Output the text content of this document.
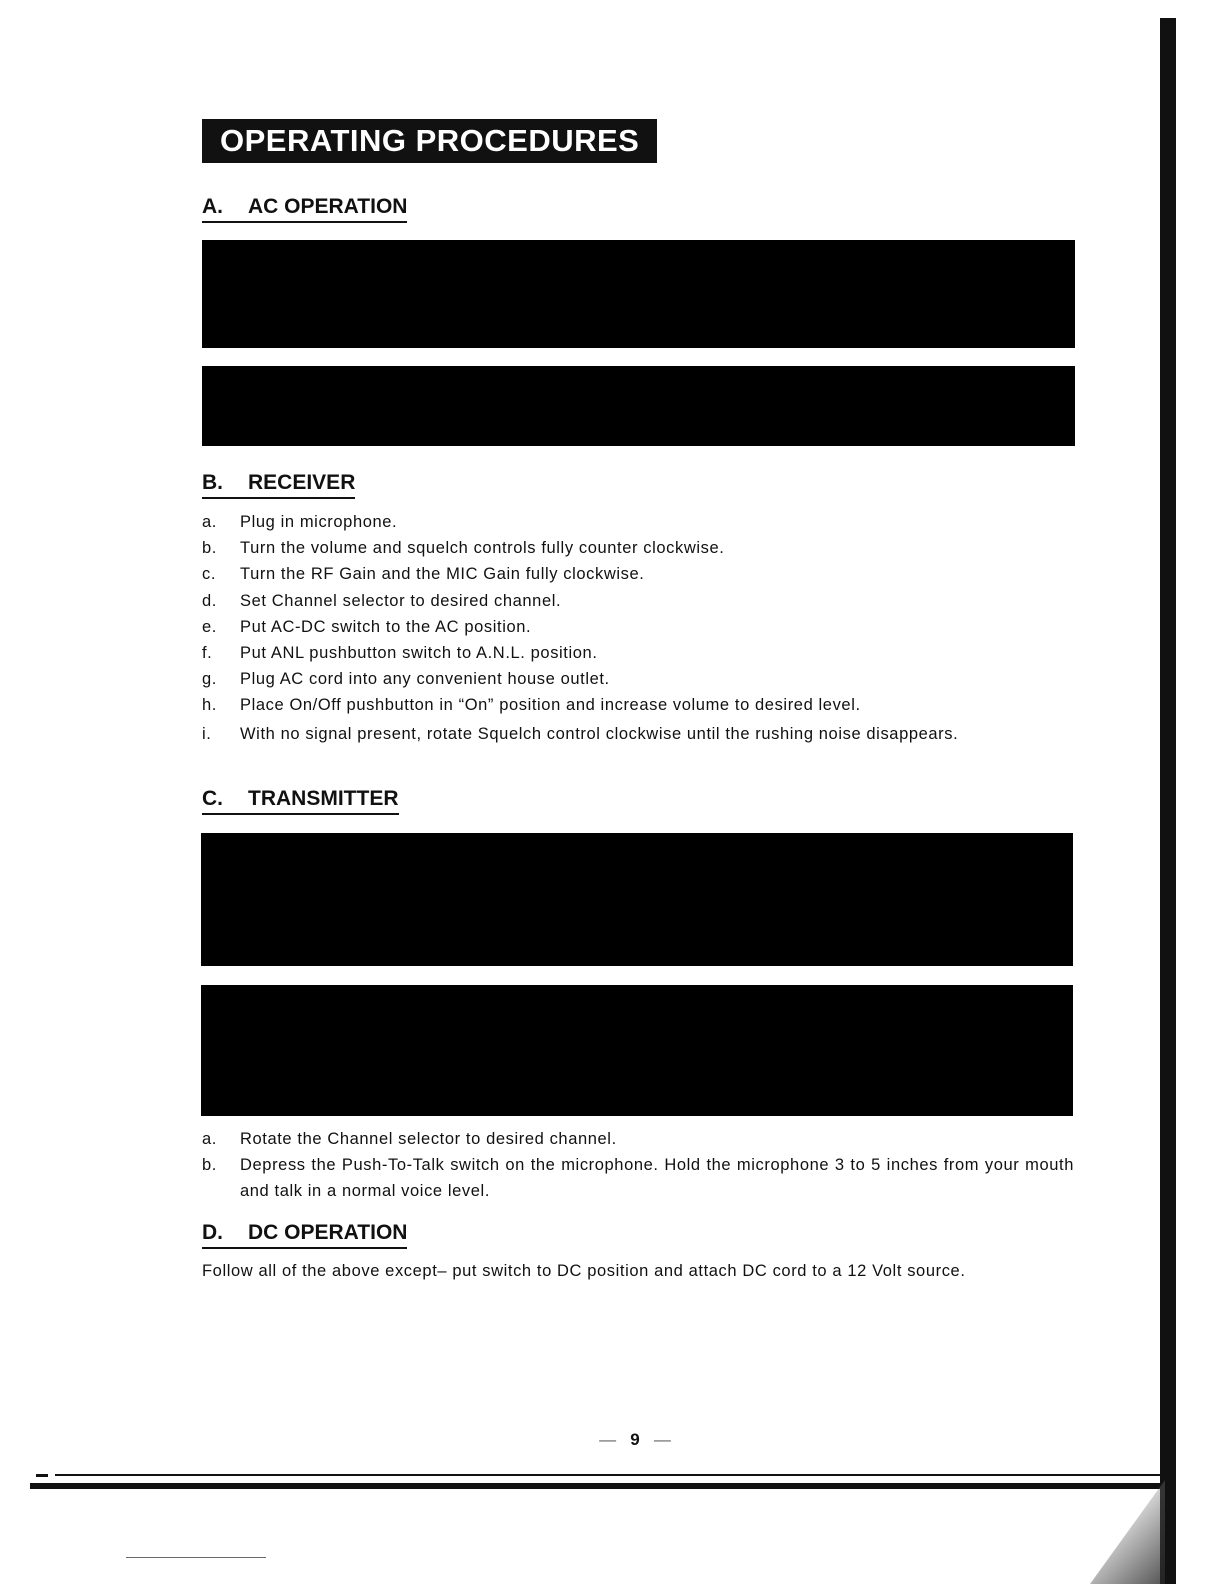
OPERATING PROCEDURES
A. AC OPERATION
B. RECEIVER
a. Plug in microphone.
b. Turn the volume and squelch controls fully counter clockwise.
c. Turn the RF Gain and the MIC Gain fully clockwise.
d. Set Channel selector to desired channel.
e. Put AC-DC switch to the AC position.
f. Put ANL pushbutton switch to A.N.L. position.
g. Plug AC cord into any convenient house outlet.
h. Place On/Off pushbutton in “On” position and increase volume to desired level.
i. With no signal present, rotate Squelch control clockwise until the rushing noise disappears.
C. TRANSMITTER
a. Rotate the Channel selector to desired channel.
b. Depress the Push-To-Talk switch on the microphone. Hold the microphone 3 to 5 inches from your mouth and talk in a normal voice level.
D. DC OPERATION
Follow all of the above except– put switch to DC position and attach DC cord to a 12 Volt source.
— 9 —
